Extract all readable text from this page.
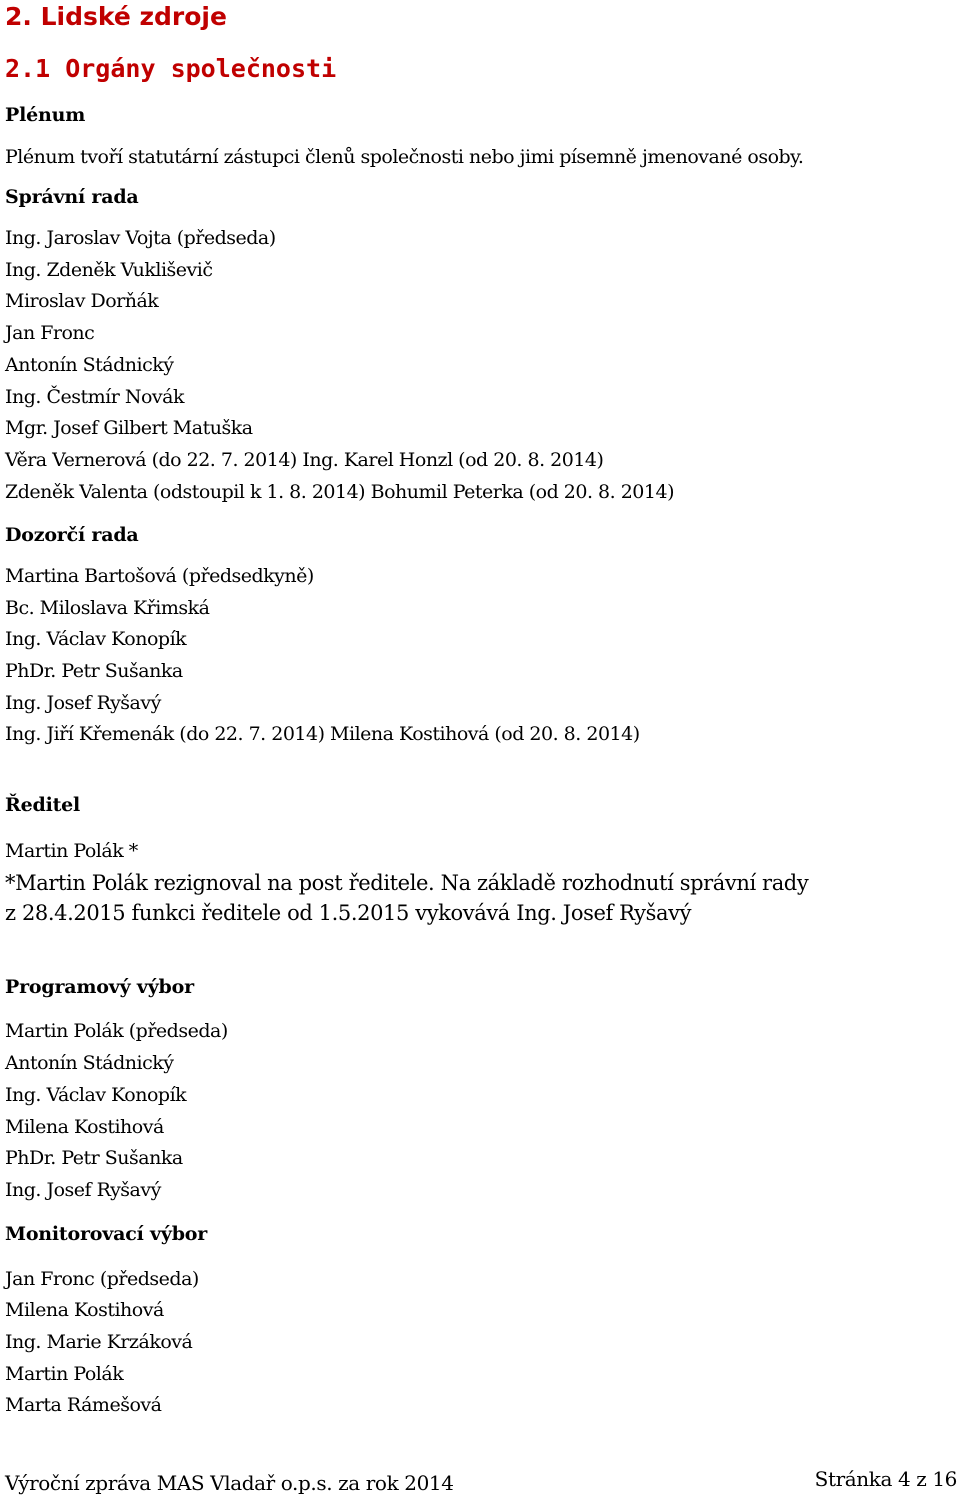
2. Lidské zdroje
2.1 Orgány společnosti
Plénum
Plénum tvoří statutární zástupci členů společnosti nebo jimi písemně jmenované osoby.
Správní rada
Ing. Jaroslav Vojta (předseda)
Ing. Zdeněk Vukliševič
Miroslav Dorňák
Jan Fronc
Antonín Stádnický
Ing. Čestmír Novák
Mgr. Josef Gilbert Matuška
Věra Vernerová (do 22. 7. 2014) Ing. Karel Honzl (od 20. 8. 2014)
Zdeněk Valenta (odstoupil k 1. 8. 2014) Bohumil Peterka (od 20. 8. 2014)
Dozorčí rada
Martina Bartošová (předsedkyně)
Bc. Miloslava Křimská
Ing. Václav Konopík
PhDr. Petr Sušanka
Ing. Josef Ryšavý
Ing. Jiří Křemenák (do 22. 7. 2014) Milena Kostihová (od 20. 8. 2014)
Ředitel
Martin Polák *
*Martin Polák rezignoval na post ředitele. Na základě rozhodnutí správní rady
z 28.4.2015 funkci ředitele od 1.5.2015 vykovává Ing. Josef Ryšavý
Programový výbor
Martin Polák (předseda)
Antonín Stádnický
Ing. Václav Konopík
Milena Kostihová
PhDr. Petr Sušanka
Ing. Josef Ryšavý
Monitorovací výbor
Jan Fronc (předseda)
Milena Kostihová
Ing. Marie Krzáková
Martin Polák
Marta Rámešová
Výroční zpráva MAS Vladař o.p.s. za rok 2014	Stránka 4 z 16
